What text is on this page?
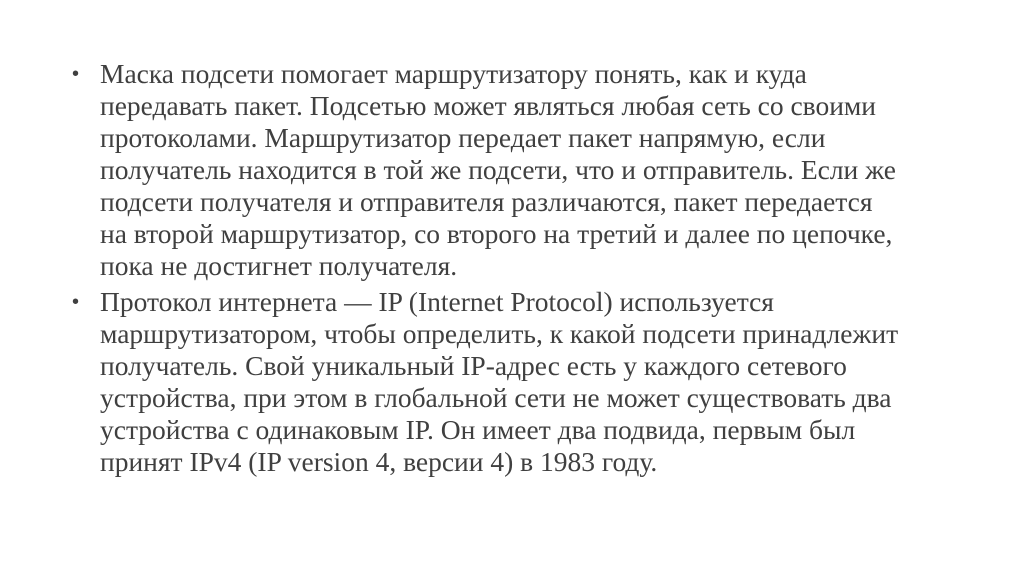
• Маска подсети помогает маршрутизатору понять, как и куда
передавать пакет. Подсетью может являться любая сеть со своими
протоколами. Маршрутизатор передает пакет напрямую, если
получатель находится в той же подсети, что и отправитель. Если же
подсети получателя и отправителя различаются, пакет передается
на второй маршрутизатор, со второго на третий и далее по цепочке,
пока не достигнет получателя.
• Протокол интернета — IP (Internet Protocol) используется
маршрутизатором, чтобы определить, к какой подсети принадлежит
получатель. Свой уникальный IP-адрес есть у каждого сетевого
устройства, при этом в глобальной сети не может существовать два
устройства с одинаковым IP. Он имеет два подвида, первым был
принят IPv4 (IP version 4, версии 4) в 1983 году.
